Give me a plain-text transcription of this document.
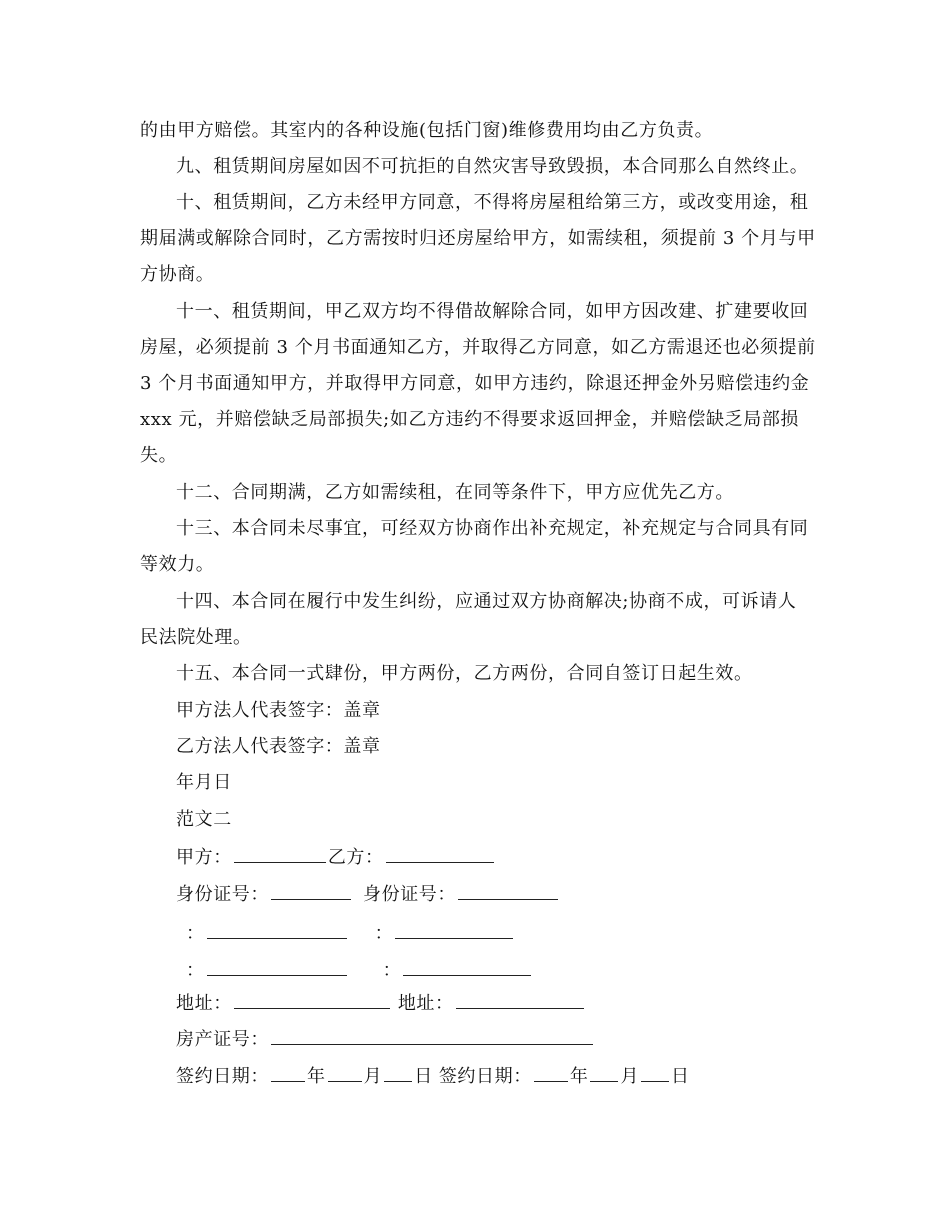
的由甲方赔偿。其室内的各种设施(包括门窗)维修费用均由乙方负责。
九、租赁期间房屋如因不可抗拒的自然灾害导致毁损，本合同那么自然终止。
十、租赁期间，乙方未经甲方同意，不得将房屋租给第三方，或改变用途，租
期届满或解除合同时，乙方需按时归还房屋给甲方，如需续租，须提前 3 个月与甲
方协商。
十一、租赁期间，甲乙双方均不得借故解除合同，如甲方因改建、扩建要收回
房屋，必须提前 3 个月书面通知乙方，并取得乙方同意，如乙方需退还也必须提前
3 个月书面通知甲方，并取得甲方同意，如甲方违约，除退还押金外另赔偿违约金
xxx 元，并赔偿缺乏局部损失;如乙方违约不得要求返回押金，并赔偿缺乏局部损
失。
十二、合同期满，乙方如需续租，在同等条件下，甲方应优先乙方。
十三、本合同未尽事宜，可经双方协商作出补充规定，补充规定与合同具有同
等效力。
十四、本合同在履行中发生纠纷，应通过双方协商解决;协商不成，可诉请人
民法院处理。
十五、本合同一式肆份，甲方两份，乙方两份，合同自签订日起生效。
甲方法人代表签字：盖章
乙方法人代表签字：盖章
年月日
范文二
甲方：	乙方：
身份证号：	身份证号：
：	：
：	：
地址：	地址：
房产证号：
签约日期： 年 月 日 签约日期： 年 月 日
